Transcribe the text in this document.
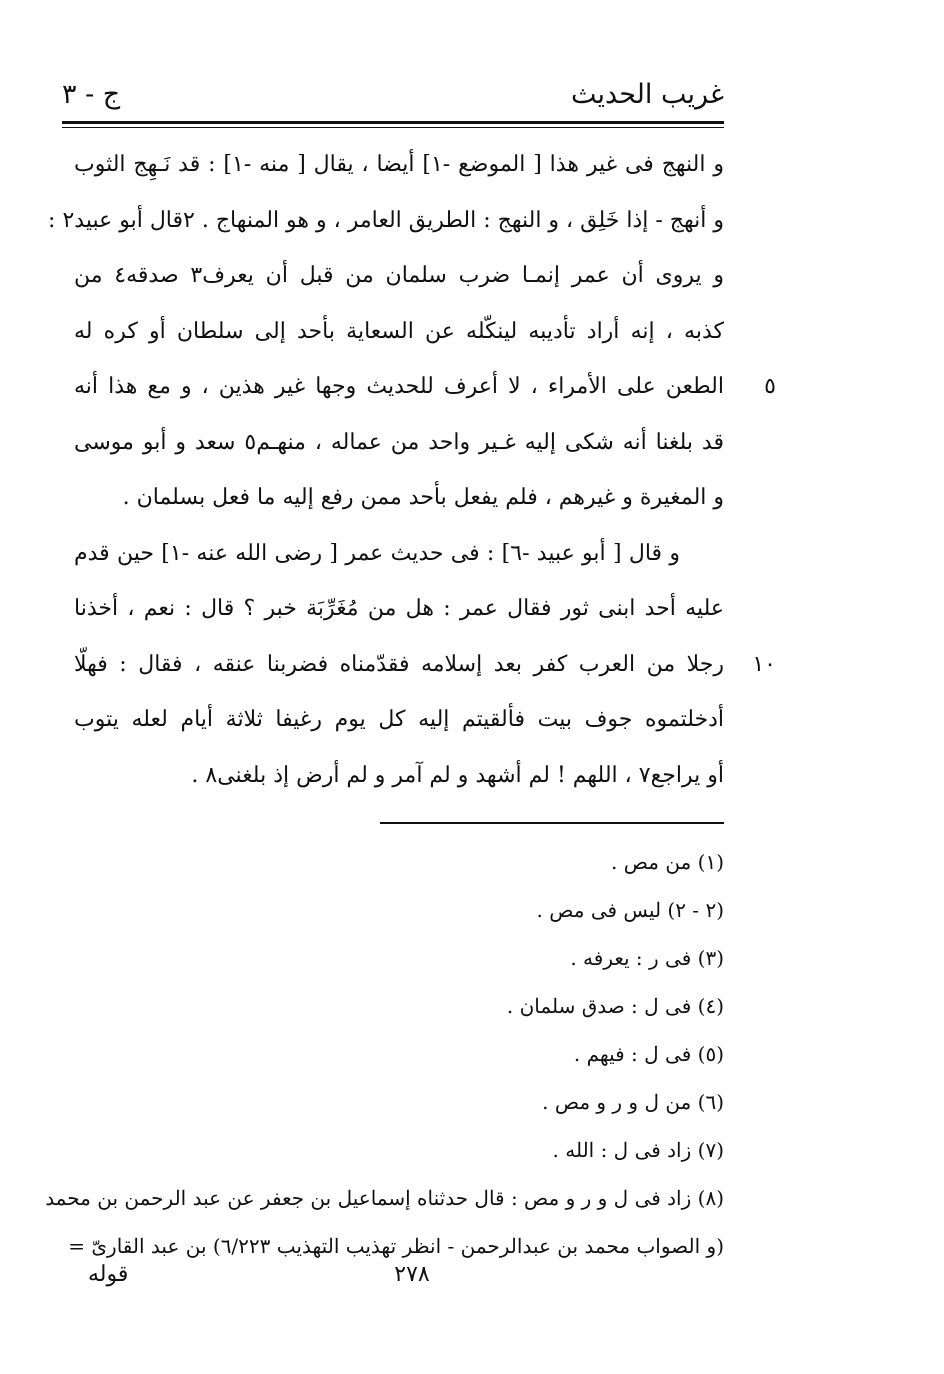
غريب الحديث
ج - ٣
و النهج فى غير هذا [ الموضع -١] أيضا ، يقال [ منه -١] : قد نَـهِج الثوب
و أنهج - إذا خَلِق ، و النهج : الطريق العامر ، و هو المنهاج . ٢قال أبو عبيد٢ :
و يروى أن عمر إنمـا ضرب سلمان من قبل أن يعرف٣ صدقه٤ من
كذبه ، إنه أراد تأديبه لينكّله عن السعاية بأحد إلى سلطان أو كره له
الطعن على الأمراء ، لا أعرف للحديث وجها غير هذين ، و مع هذا أنه	٥
قد بلغنا أنه شكى إليه غـير واحد من عماله ، منهـم٥ سعد و أبو موسى
و المغيرة و غيرهم ، فلم يفعل بأحد ممن رفع إليه ما فعل بسلمان .
و قال [ أبو عبيد -٦] : فى حديث عمر [ رضى الله عنه -١] حين قدم
عليه أحد ابنى ثور فقال عمر : هل من مُغَرِّبَة خبر ؟ قال : نعم ، أخذنا
رجلا من العرب كفر بعد إسلامه فقدّمناه فضربنا عنقه ، فقال : فهلّا	١٠
أدخلتموه جوف بيت فألقيتم إليه كل يوم رغيفا ثلاثة أيام لعله يتوب
أو يراجع٧ ، اللهم ! لم أشهد و لم آمر و لم أرض إذ بلغنى٨ .
(١) من مص .
(٢ - ٢) ليس فى مص .
(٣) فى ر : يعرفه .
(٤) فى ل : صدق سلمان .
(٥) فى ل : فيهم .
(٦) من ل و ر و مص .
(٧) زاد فى ل : الله .
(٨) زاد فى ل و ر و مص : قال حدثناه إسماعيل بن جعفر عن عبد الرحمن بن محمد
(و الصواب محمد بن عبدالرحمن - انظر تهذيب التهذيب ٦/٢٢٣) بن عبد القارىّ =
٢٧٨
قوله
